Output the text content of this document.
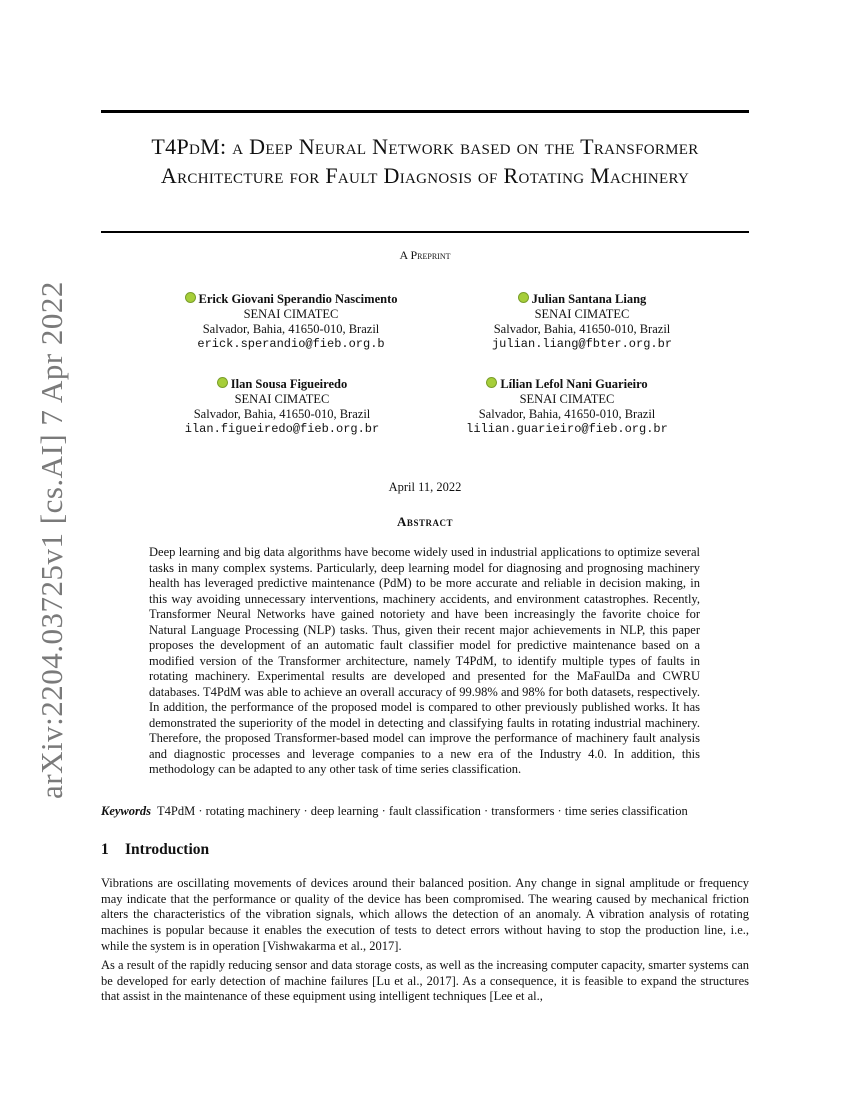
arXiv:2204.03725v1 [cs.AI] 7 Apr 2022
T4PdM: a Deep Neural Network based on the Transformer Architecture for Fault Diagnosis of Rotating Machinery
A Preprint
Erick Giovani Sperandio Nascimento
SENAI CIMATEC
Salvador, Bahia, 41650-010, Brazil
erick.sperandio@fieb.org.b
Julian Santana Liang
SENAI CIMATEC
Salvador, Bahia, 41650-010, Brazil
julian.liang@fbter.org.br
Ilan Sousa Figueiredo
SENAI CIMATEC
Salvador, Bahia, 41650-010, Brazil
ilan.figueiredo@fieb.org.br
Lílian Lefol Nani Guarieiro
SENAI CIMATEC
Salvador, Bahia, 41650-010, Brazil
lilian.guarieiro@fieb.org.br
April 11, 2022
Abstract
Deep learning and big data algorithms have become widely used in industrial applications to optimize several tasks in many complex systems. Particularly, deep learning model for diagnosing and prognosing machinery health has leveraged predictive maintenance (PdM) to be more accurate and reliable in decision making, in this way avoiding unnecessary interventions, machinery accidents, and environment catastrophes. Recently, Transformer Neural Networks have gained notoriety and have been increasingly the favorite choice for Natural Language Processing (NLP) tasks. Thus, given their recent major achievements in NLP, this paper proposes the development of an automatic fault classifier model for predictive maintenance based on a modified version of the Transformer architecture, namely T4PdM, to identify multiple types of faults in rotating machinery. Experimental results are developed and presented for the MaFaulDa and CWRU databases. T4PdM was able to achieve an overall accuracy of 99.98% and 98% for both datasets, respectively. In addition, the performance of the proposed model is compared to other previously published works. It has demonstrated the superiority of the model in detecting and classifying faults in rotating industrial machinery. Therefore, the proposed Transformer-based model can improve the performance of machinery fault analysis and diagnostic processes and leverage companies to a new era of the Industry 4.0. In addition, this methodology can be adapted to any other task of time series classification.
Keywords T4PdM · rotating machinery · deep learning · fault classification · transformers · time series classification
1 Introduction
Vibrations are oscillating movements of devices around their balanced position. Any change in signal amplitude or frequency may indicate that the performance or quality of the device has been compromised. The wearing caused by mechanical friction alters the characteristics of the vibration signals, which allows the detection of an anomaly. A vibration analysis of rotating machines is popular because it enables the execution of tests to detect errors without having to stop the production line, i.e., while the system is in operation [Vishwakarma et al., 2017].
As a result of the rapidly reducing sensor and data storage costs, as well as the increasing computer capacity, smarter systems can be developed for early detection of machine failures [Lu et al., 2017]. As a consequence, it is feasible to expand the structures that assist in the maintenance of these equipment using intelligent techniques [Lee et al.,
